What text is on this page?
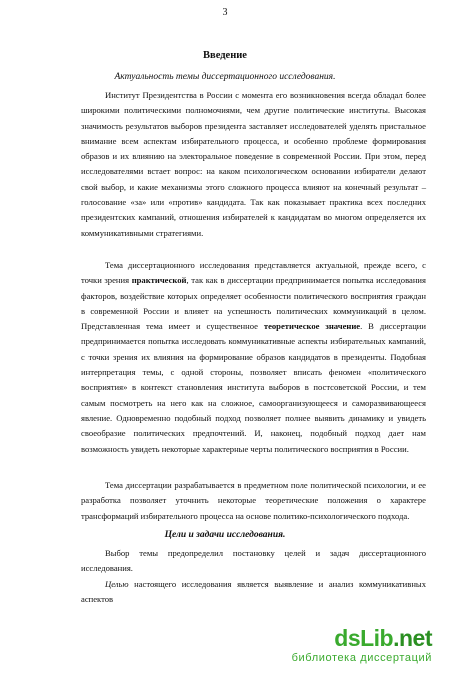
3
Введение
Актуальность темы диссертационного исследования.

Институт Президентства в России с момента его возникновения всегда обладал более широкими политическими полномочиями, чем другие политические институты. Высокая значимость результатов выборов президента заставляет исследователей уделять пристальное внимание всем аспектам избирательного процесса, и особенно проблеме формирования образов и их влиянию на электоральное поведение в современной России. При этом, перед исследователями встает вопрос: на каком психологическом основании избиратели делают свой выбор, и какие механизмы этого сложного процесса влияют на конечный результат – голосование «за» или «против» кандидата. Так как показывает практика всех последних президентских кампаний, отношения избирателей к кандидатам во многом определяется их коммуникативными стратегиями.

Тема диссертационного исследования представляется актуальной, прежде всего, с точки зрения практической, так как в диссертации предпринимается попытка исследования факторов, воздействие которых определяет особенности политического восприятия граждан в современной России и влияет на успешность политических коммуникаций в целом. Представленная тема имеет и существенное теоретическое значение. В диссертации предпринимается попытка исследовать коммуникативные аспекты избирательных кампаний, с точки зрения их влияния на формирование образов кандидатов в президенты. Подобная интерпретация темы, с одной стороны, позволяет вписать феномен «политического восприятия» в контекст становления института выборов в постсоветской России, и тем самым посмотреть на него как на сложное, самоорганизующееся и саморазвивающееся явление. Одновременно подобный подход позволяет полнее выявить динамику и увидеть своеобразие политических предпочтений. И, наконец, подобный подход дает нам возможность увидеть некоторые характерные черты политического восприятия в России.

Тема диссертации разрабатывается в предметном поле политической психологии, и ее разработка позволяет уточнить некоторые теоретические положения о характере трансформаций избирательного процесса на основе политико-психологического подхода.

Цели и задачи исследования.

Выбор темы предопределил постановку целей и задач диссертационного исследования.

Целью настоящего исследования является выявление и анализ коммуникативных аспектов

dsLib.net
библиотека диссертаций
